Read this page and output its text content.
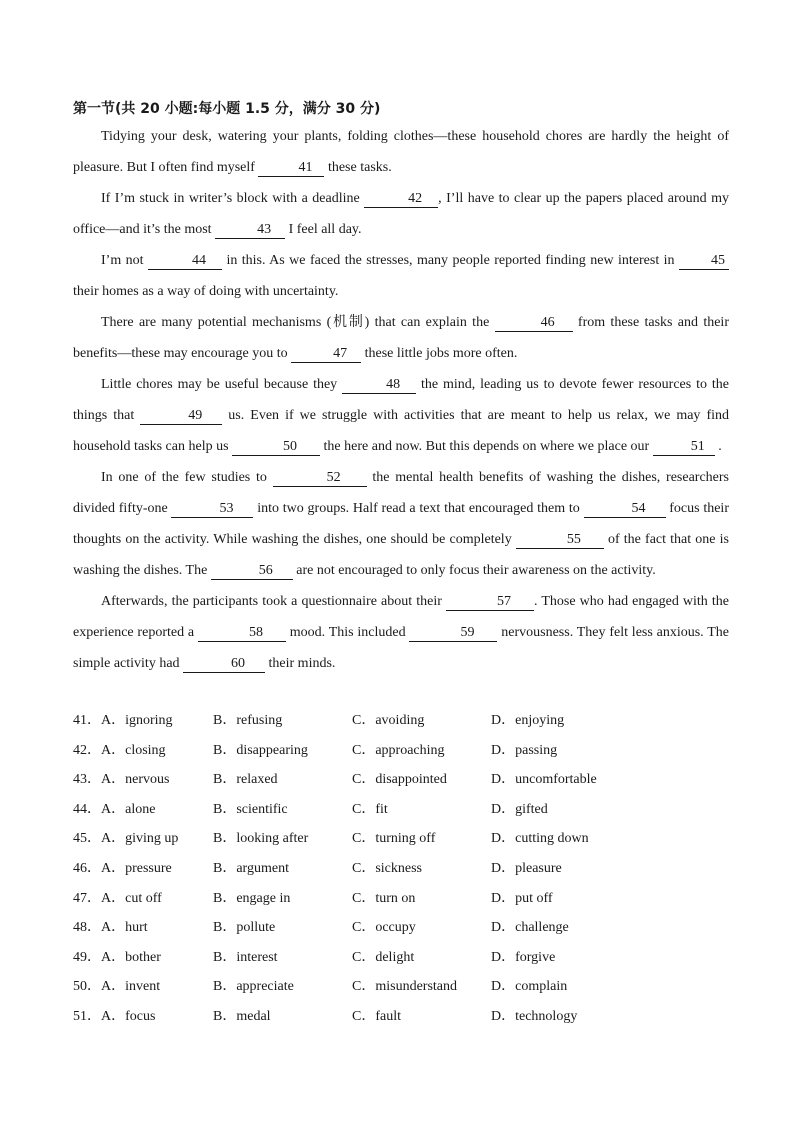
第一节(共 20 小题:每小题 1.5 分，满分 30 分)

Tidying your desk, watering your plants, folding clothes—these household chores are hardly the height of pleasure. But I often find myself	41 these tasks.

If I’m stuck in writer’s block with a deadline	42 , I’ll have to clear up the papers placed around my office—and it’s the most	43 I feel all day.

I’m not	44 in this. As we faced the stresses, many people reported finding new interest in 45 their homes as a way of doing with uncertainty.

There are many potential mechanisms (机制) that can explain the	46 from these tasks and their benefits—these may encourage you to	47 these little jobs more often.

Little chores may be useful because they	48 the mind, leading us to devote fewer resources to the things that	49 us. Even if we struggle with activities that are meant to help us relax, we may find household tasks can help us	50 the here and now. But this depends on where we place our	51 .

In one of the few studies to	52 the mental health benefits of washing the dishes, researchers divided fifty-one	53 into two groups. Half read a text that encouraged them to	54 focus their thoughts on the activity. While washing the dishes, one should be completely	55 of the fact that one is washing the dishes. The	56 are not encouraged to only focus their awareness on the activity.

Afterwards, the participants took a questionnaire about their	57 . Those who had engaged with the experience reported a	58 mood. This included	59 nervousness. They felt less anxious. The simple activity had	60 their minds.

41． A．ignoring	B．refusing	C．avoiding	D．enjoying
42． A．closing	B．disappearing	C．approaching	D．passing
43． A．nervous	B．relaxed	C．disappointed	D．uncomfortable
44． A．alone	B．scientific	C．fit	D．gifted
45． A．giving up B．looking after	C．turning off	D．cutting down
46． A．pressure	B．argument	C．sickness	D．pleasure
47． A．cut off	B．engage in	C．turn on	D．put off
48． A．hurt	B．pollute	C．occupy	D．challenge
49． A．bother	B．interest	C．delight	D．forgive
50． A．invent	B．appreciate	C．misunderstand D．complain
51． A．focus	B．medal	C．fault	D．technology
